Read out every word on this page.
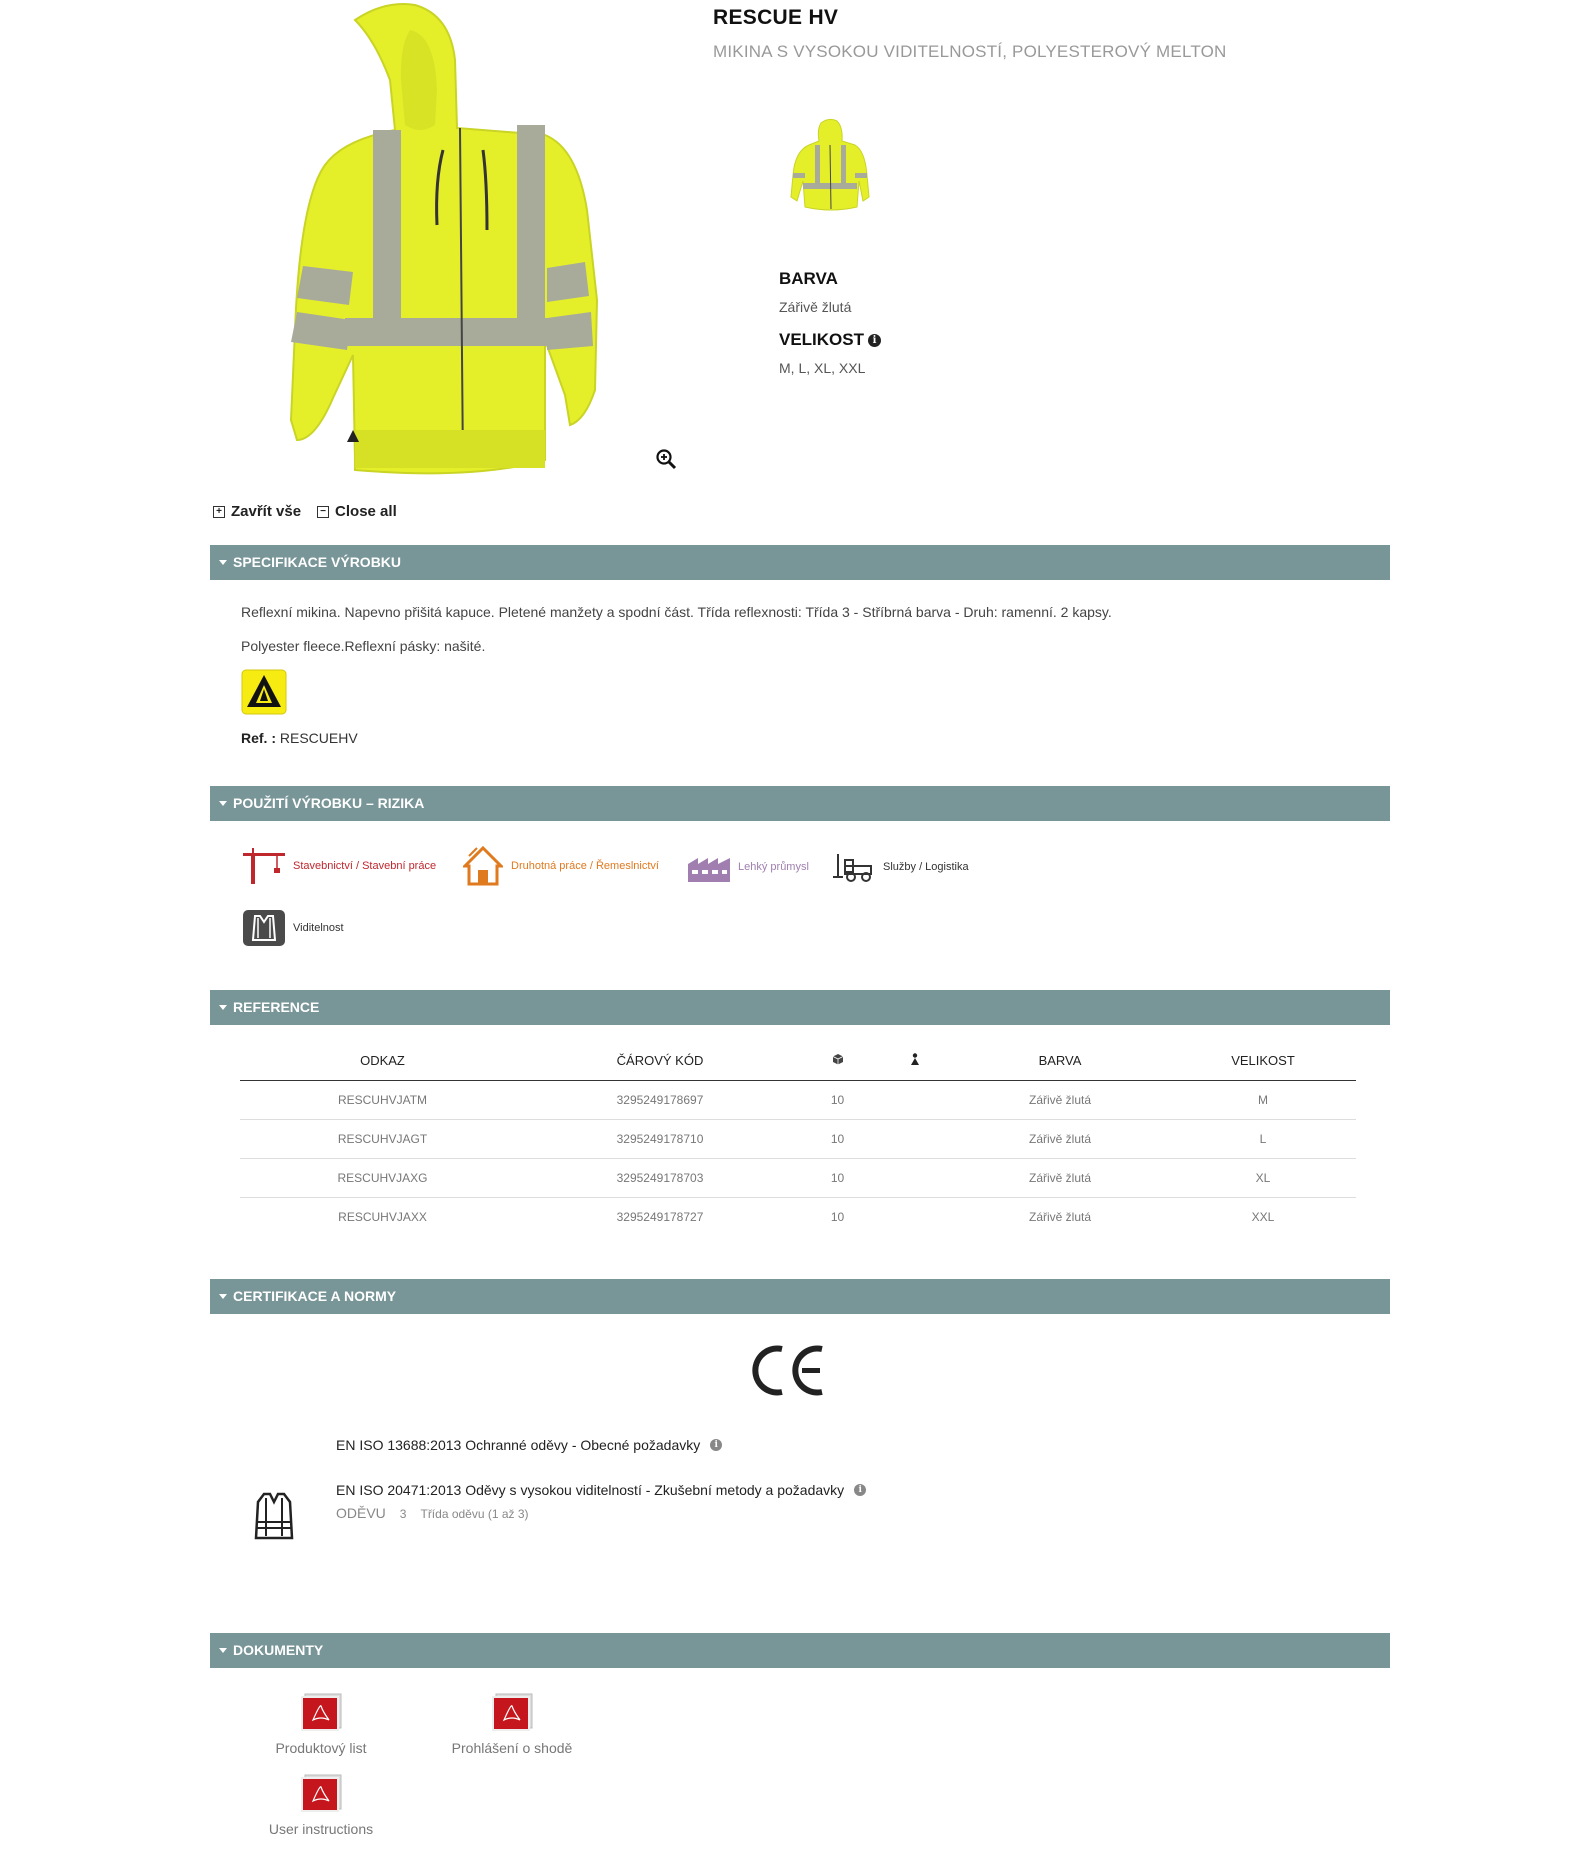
RESCUE HV
MIKINA S VYSOKOU VIDITELNOSTÍ, POLYESTEROVÝ MELTON
BARVA
Zářivě žlutá
VELIKOST i
M, L, XL, XXL
+ Zavřít vše	− Close all
SPECIFIKACE VÝROBKU
Reflexní mikina. Napevno přišitá kapuce. Pletené manžety a spodní část. Třída reflexnosti: Třída 3 - Stříbrná barva - Druh: ramenní. 2 kapsy.
Polyester fleece.Reflexní pásky: našité.
Ref. : RESCUEHV
POUŽITÍ VÝROBKU – RIZIKA
Stavebnictví / Stavební práce	Druhotná práce / Řemeslnictví	Lehký průmysl	Služby / Logistika
Viditelnost
REFERENCE
ODKAZ	ČÁROVÝ KÓD			BARVA	VELIKOST
RESCUHVJATM	3295249178697	10		Zářivě žlutá	M
RESCUHVJAGT	3295249178710	10		Zářivě žlutá	L
RESCUHVJAXG	3295249178703	10		Zářivě žlutá	XL
RESCUHVJAXX	3295249178727	10		Zářivě žlutá	XXL
CERTIFIKACE A NORMY
EN ISO 13688:2013 Ochranné oděvy - Obecné požadavky	i
EN ISO 20471:2013 Oděvy s vysokou viditelností - Zkušební metody a požadavky	i
ODĚVU 3 Třída oděvu (1 až 3)
DOKUMENTY
Produktový list	Prohlášení o shodě
User instructions
